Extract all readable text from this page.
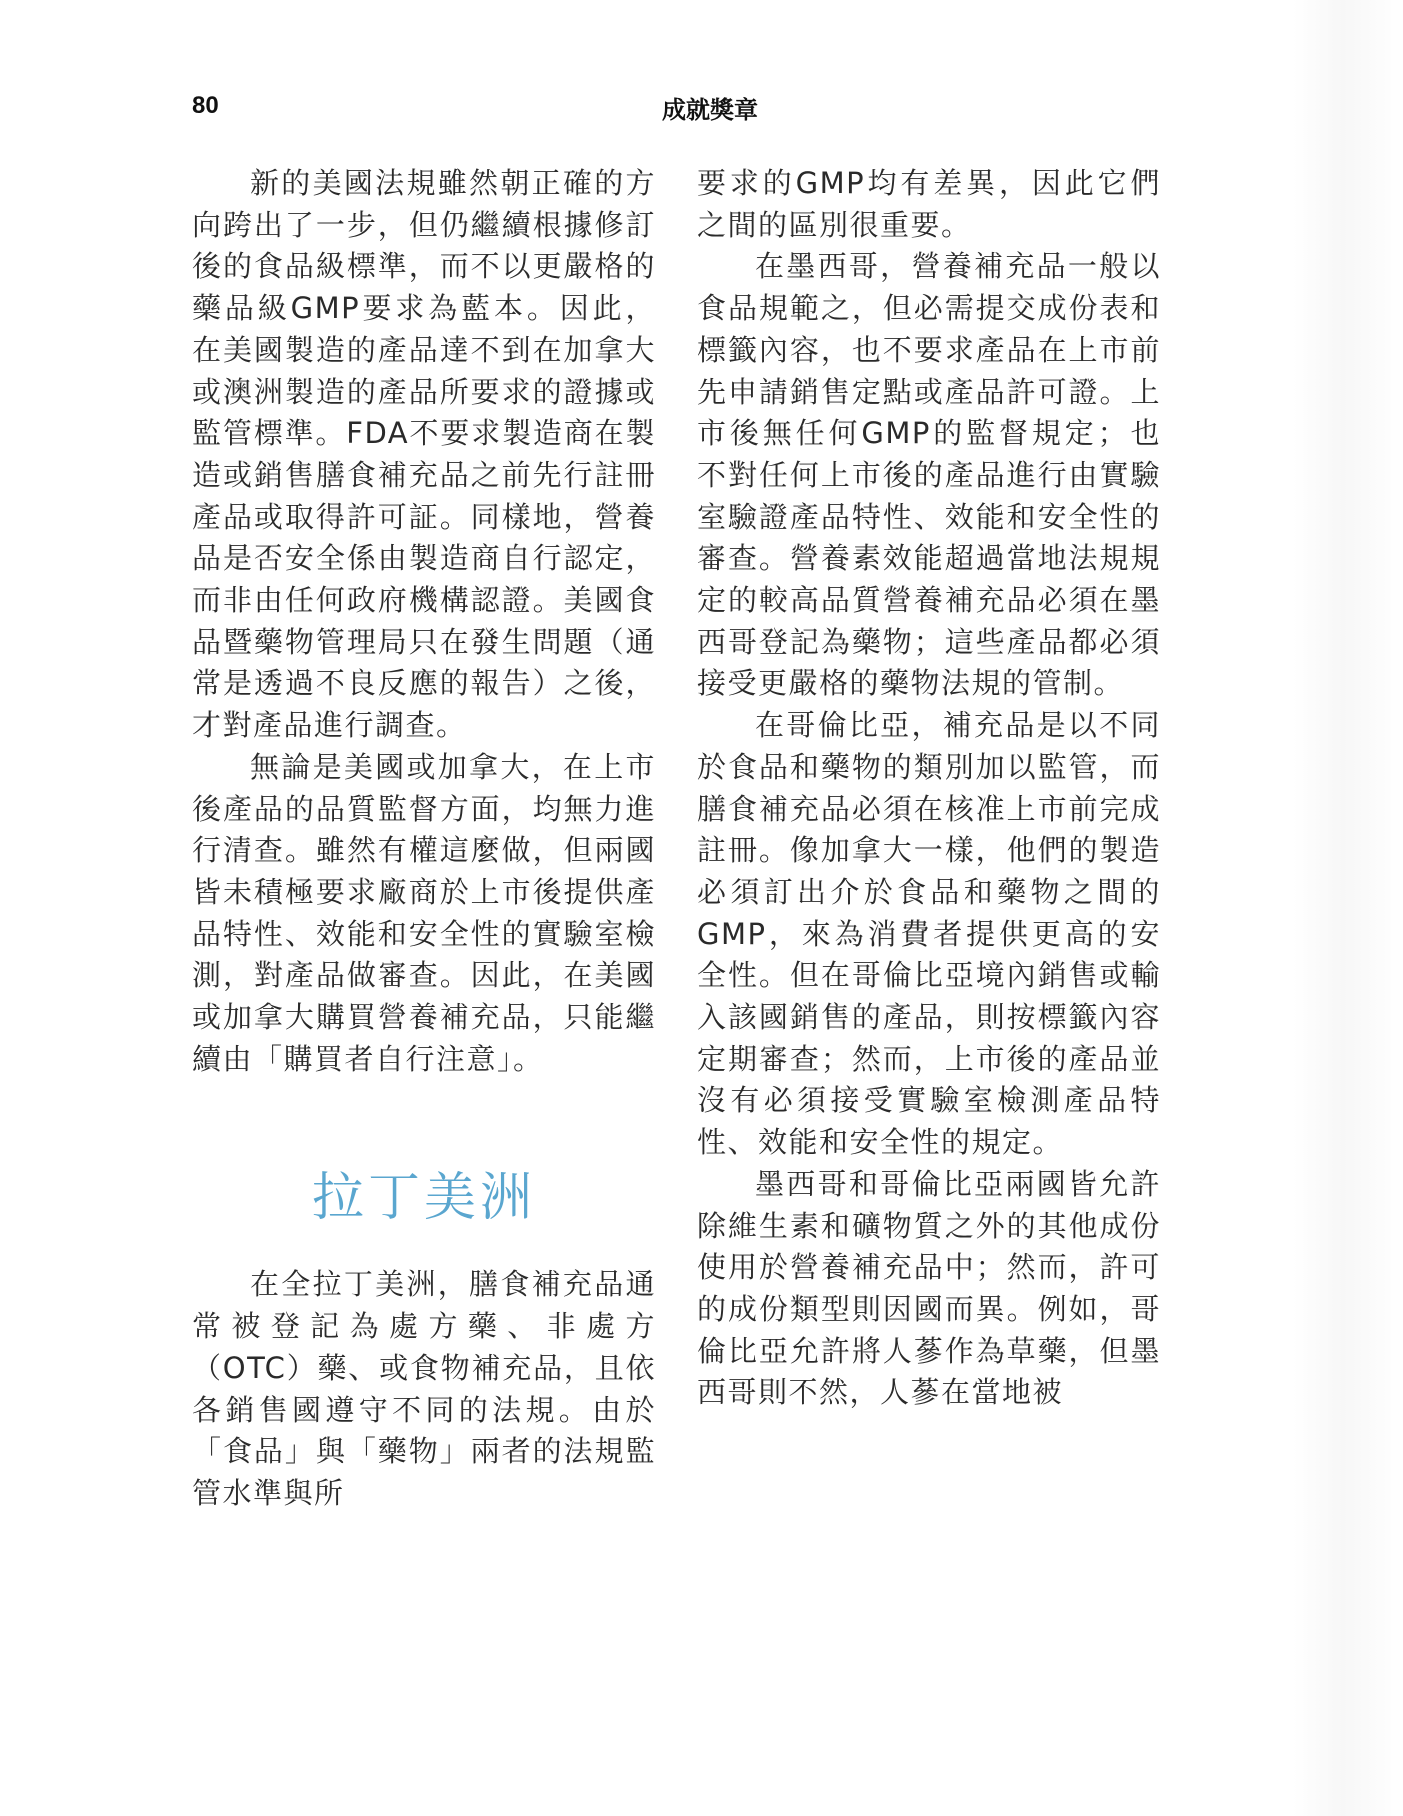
80	成就獎章

新的美國法規雖然朝正確的方向跨出了一步，但仍繼續根據修訂後的食品級標準，而不以更嚴格的藥品級GMP要求為藍本。因此，在美國製造的產品達不到在加拿大或澳洲製造的產品所要求的證據或監管標準。FDA不要求製造商在製造或銷售膳食補充品之前先行註冊產品或取得許可証。同樣地，營養品是否安全係由製造商自行認定，而非由任何政府機構認證。美國食品暨藥物管理局只在發生問題（通常是透過不良反應的報告）之後，才對產品進行調查。

無論是美國或加拿大，在上市後產品的品質監督方面，均無力進行清查。雖然有權這麼做，但兩國皆未積極要求廠商於上市後提供產品特性、效能和安全性的實驗室檢測，對產品做審查。因此，在美國或加拿大購買營養補充品，只能繼續由「購買者自行注意」。

拉丁美洲

在全拉丁美洲，膳食補充品通常被登記為處方藥、非處方（OTC）藥、或食物補充品，且依各銷售國遵守不同的法規。由於「食品」與「藥物」兩者的法規監管水準與所

要求的GMP均有差異，因此它們之間的區別很重要。

在墨西哥，營養補充品一般以食品規範之，但必需提交成份表和標籤內容，也不要求產品在上市前先申請銷售定點或產品許可證。上市後無任何GMP的監督規定；也不對任何上市後的產品進行由實驗室驗證產品特性、效能和安全性的審查。營養素效能超過當地法規規定的較高品質營養補充品必須在墨西哥登記為藥物；這些產品都必須接受更嚴格的藥物法規的管制。

在哥倫比亞，補充品是以不同於食品和藥物的類別加以監管，而膳食補充品必須在核准上市前完成註冊。像加拿大一樣，他們的製造必須訂出介於食品和藥物之間的GMP，來為消費者提供更高的安全性。但在哥倫比亞境內銷售或輸入該國銷售的產品，則按標籤內容定期審查；然而，上市後的產品並沒有必須接受實驗室檢測產品特性、效能和安全性的規定。

墨西哥和哥倫比亞兩國皆允許除維生素和礦物質之外的其他成份使用於營養補充品中；然而，許可的成份類型則因國而異。例如，哥倫比亞允許將人蔘作為草藥，但墨西哥則不然，人蔘在當地被
